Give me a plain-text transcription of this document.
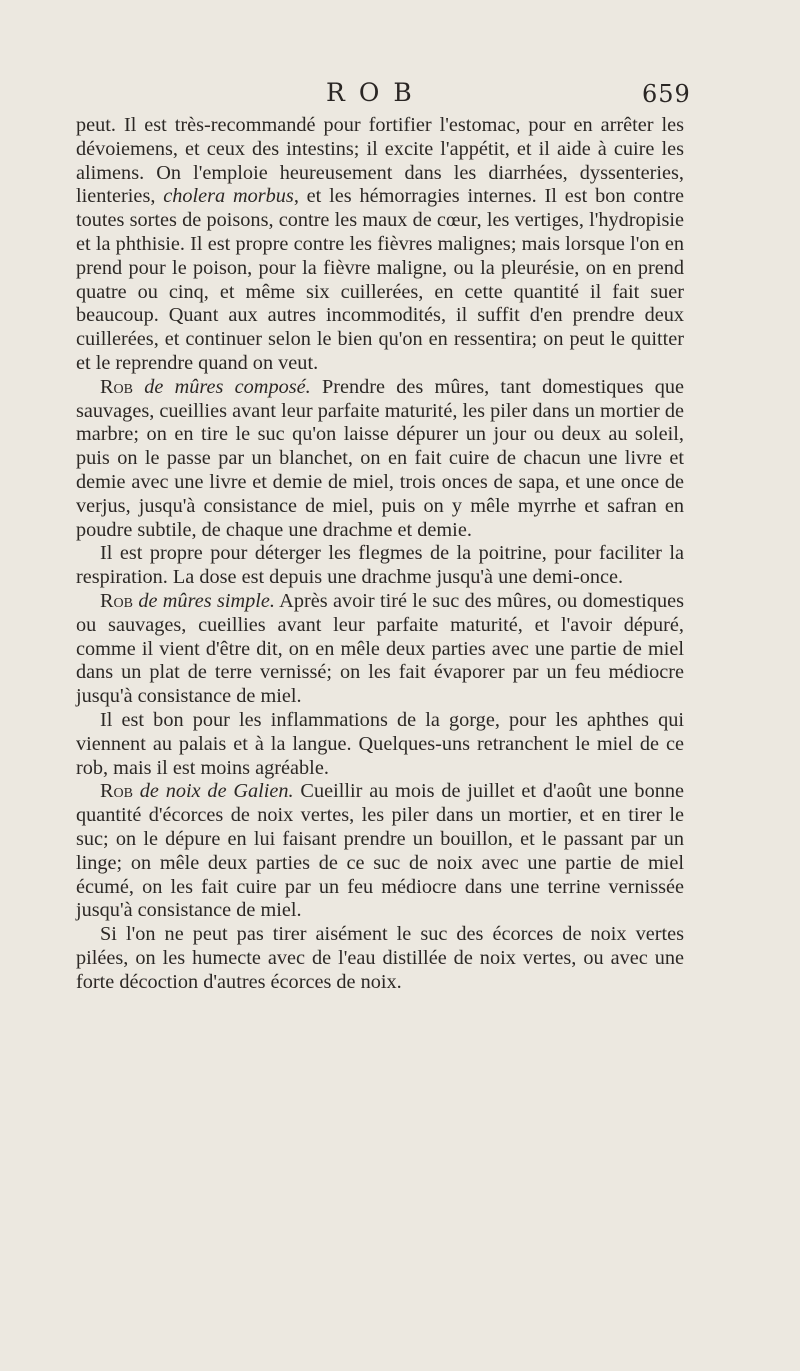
ROB	659

peut. Il est très-recommandé pour fortifier l'estomac, pour en arrêter les dévoiemens, et ceux des intestins; il excite l'appétit, et il aide à cuire les alimens. On l'emploie heureusement dans les diarrhées, dyssenteries, lienteries, cholera morbus, et les hémorragies internes. Il est bon contre toutes sortes de poisons, contre les maux de cœur, les vertiges, l'hydropisie et la phthisie. Il est propre contre les fièvres malignes; mais lorsque l'on en prend pour le poison, pour la fièvre maligne, ou la pleurésie, on en prend quatre ou cinq, et même six cuillerées, en cette quantité il fait suer beaucoup. Quant aux autres incommodités, il suffit d'en prendre deux cuillerées, et continuer selon le bien qu'on en ressentira; on peut le quitter et le reprendre quand on veut.

Rob de mûres composé. Prendre des mûres, tant domestiques que sauvages, cueillies avant leur parfaite maturité, les piler dans un mortier de marbre; on en tire le suc qu'on laisse dépurer un jour ou deux au soleil, puis on le passe par un blanchet, on en fait cuire de chacun une livre et demie avec une livre et demie de miel, trois onces de sapa, et une once de verjus, jusqu'à consistance de miel, puis on y mêle myrrhe et safran en poudre subtile, de chaque une drachme et demie.

Il est propre pour déterger les flegmes de la poitrine, pour faciliter la respiration. La dose est depuis une drachme jusqu'à une demi-once.

Rob de mûres simple. Après avoir tiré le suc des mûres, ou domestiques ou sauvages, cueillies avant leur parfaite maturité, et l'avoir dépuré, comme il vient d'être dit, on en mêle deux parties avec une partie de miel dans un plat de terre vernissé; on les fait évaporer par un feu médiocre jusqu'à consistance de miel.

Il est bon pour les inflammations de la gorge, pour les aphthes qui viennent au palais et à la langue. Quelques-uns retranchent le miel de ce rob, mais il est moins agréable.

Rob de noix de Galien. Cueillir au mois de juillet et d'août une bonne quantité d'écorces de noix vertes, les piler dans un mortier, et en tirer le suc; on le dépure en lui faisant prendre un bouillon, et le passant par un linge; on mêle deux parties de ce suc de noix avec une partie de miel écumé, on les fait cuire par un feu médiocre dans une terrine vernissée jusqu'à consistance de miel.

Si l'on ne peut pas tirer aisément le suc des écorces de noix vertes pilées, on les humecte avec de l'eau distillée de noix vertes, ou avec une forte décoction d'autres écorces de noix.
